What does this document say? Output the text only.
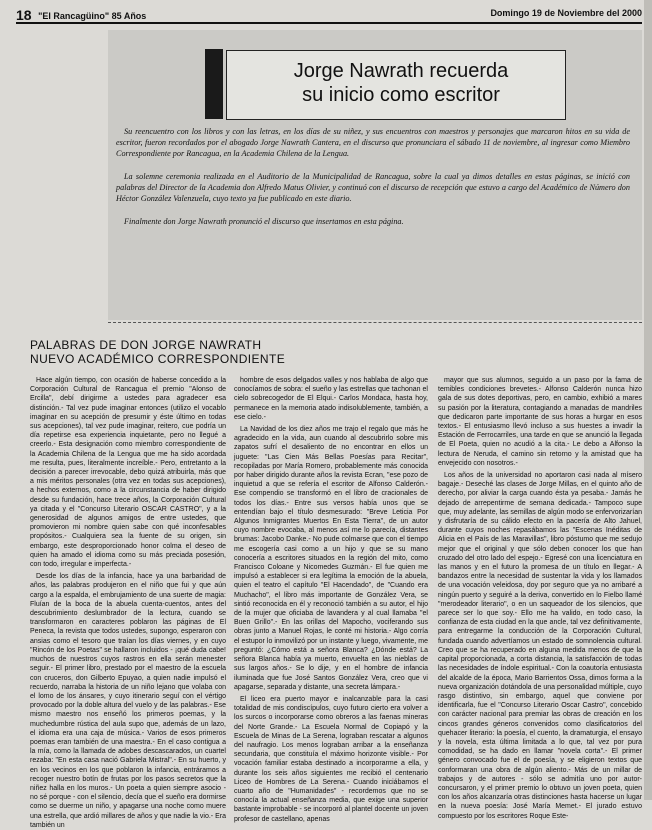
18 "El Rancagüino" 85 Años	Domingo 19 de Noviembre del 2000
Jorge Nawrath recuerda
su inicio como escritor

Su reencuentro con los libros y con las letras, en los días de su niñez, y sus encuentros con maestros y personajes que marcaron hitos en su vida de escritor, fueron recordados por el abogado Jorge Nawrath Cantera, en el discurso que pronunciara el sábado 11 de noviembre, al ingresar como Miembro Correspondiente por Rancagua, en la Academia Chilena de la Lengua.

La solemne ceremonia realizada en el Auditorio de la Municipalidad de Rancagua, sobre la cual ya dimos detalles en estas páginas, se inició con palabras del Director de la Academia don Alfredo Matus Olivier, y continuó con el discurso de recepción que estuvo a cargo del Académico de Número don Héctor González Valenzuela, cuyo texto ya fue publicado en este diario.

Finalmente don Jorge Nawrath pronunció el discurso que insertamos en esta página.

PALABRAS DE DON JORGE NAWRATH
NUEVO ACADÉMICO CORRESPONDIENTE

Hace algún tiempo, con ocasión de haberse concedido a la Corporación Cultural de Rancagua el premio "Alonso de Ercilla", debí dirigirme a ustedes para agradecer esa distinción.- Tal vez pude imaginar entonces (utilizo el vocablo imaginar en su acepción de presumir y éste último en todas sus acepciones), tal vez pude imaginar, reitero, cue podría un día repetirse esa experiencia inquietante, pero no llegué a creerlo.- Esta designación como miembro correspondiente de la Academia Chilena de la Lengua que me ha sido acordada me resulta, pues, literalmente increíble.- Pero, entretanto a la decisión a parecer irrevocable, debo quizá atribuirla, más que a mis méritos personales (otra vez en todas sus acepciones), a hechos externos, como a la circunstancia de haber dirigido desde su fundación, hace trece años, la Corporación Cultural ya citada y el "Concurso Literario OSCAR CASTRO", y a la generosidad de algunos amigos de entre ustedes, que promovieron mi nombre quien sabe con qué inconfesables propósitos.- Cualquiera sea la fuente de su origen, sin embargo, este desproporcionado honor colma el deseo de quien ha amado el idioma como su más preciada posesión, con todo, irregular e imperfecta.-

Desde los días de la infancia, hace ya una barbaridad de años, las palabras produjeron en el niño que fui y que aún cargo a la espalda, el embrujamiento de una suerte de magia: Fluían de la boca de la abuela cuenta-cuentos, antes del descubrimiento deslumbrador de la lectura, cuando se transformaron en caracteres poblaron las páginas de El Peneca, la revista que todos ustedes, supongo, esperaron con ansias como el tesoro que traían los días viernes, y en cuyo "Rincón de los Poetas" se hallaron incluidos - ¡qué duda cabe! muchos de nuestros cuyos rastros en ella serán menester seguir.- El primer libro, prestado por el maestro de la escuela con cruceros, don Gilberto Epuyao, a quien nadie impulsó el recuerdo, narraba la historia de un niño lejano que volaba con el lomo de los ánsares, y cuyo itinerario seguí con el vértigo provocado por la doble altura del vuelo y de las palabras.- Ese mismo maestro nos enseñó los primeros poemas, y la muchedumbre rústica del aula supo que, además de un lazo, el idioma era una caja de música.- Varios de esos primeros poemas eran también de una maestra.- En el caso contigua a la mía, como la llamada de adobes descascarados, un cuartel rezaba: "En esta casa nació Gabriela Mistral".- En su huerto, y en los vecinos en los que poblaron la infancia, entráramos a recoger nuestro botín de frutas por los pasos secretos que la niñez halla en los muros.- Un poeta a quien siempre asocio - no sé porque - con el silencio, decía que el sueño era dormirse como se duerme un niño, y apagarse una noche como muere una estrella, que ardió millares de años y que nadie la vio.- Era también un

hombre de esos delgados valles y nos hablaba de algo que conocíamos de sobra: el sueño y las estrellas que tachonan el cielo sobrecogedor de El Elqui.- Carlos Mondaca, hasta hoy, permanece en la memoria atado indisolublemente, también, a ese cielo.-

La Navidad de los diez años me trajo el regalo que más he agradecido en la vida, aun cuando al descubrirlo sobre mis zapatos sufrí el desaliento de no encontrar en ellos un juguete: "Las Cien Más Bellas Poesías para Recitar", recopiladas por María Romero, probablemente más conocida por haber dirigido durante años la revista Ecran, "ese pozo de inquietud a que se refería el escritor de Alfonso Calderón.- Ese compendio se transformó en el libro de cracionales de todos los días.- Entre sus versos había unos que se entendían bajo el título desmesurado: "Breve Leticia Por Algunos Inmigrantes Muertos En Esta Tierra", de un autor cuyo nombre evocaba, al menos así me lo parecía, distantes brumas: Jacobo Danke.- No pude colmarse que con el tiempo me escogería casi como a un hijo y que se su mano conocería a escritores situados en la región del mito, como Francisco Coloane y Nicomedes Guzmán.- El fue quien me impulsó a establecer si era legítima la emoción de la abuela, quien el teatro el capítulo "El Hacendado", de "Cuando era Muchacho", el libro más importante de González Vera, se sintió reconocida en él y reconoció también a su autor, el hijo de la mujer que oficiaba de lavandera y al cual llamaba "el Buen Grillo".- En las orillas del Mapocho, vociferando sus obras junto a Manuel Rojas, le conté mi historia.- Algo corría el estupor lo inmovilizó por un instante y luego, vivamente, me preguntó: ¿Cómo está a señora Blanca? ¿Dónde está? La señora Blanca había ya muerto, envuelta en las nieblas de sus largos años.- Se lo dije, y en el hombre de infancia iluminada que fue José Santos González Vera, creo que vi apagarse, separada y distante, una secreta lámpara.-

El liceo era puerto mayor e inalcanzable para la casi totalidad de mis condiscípulos, cuyo futuro cierto era volver a los surcos o incorporarse como obreros a las faenas mineras del Norte Grande.- La Escuela Normal de Copiapó y la Escuela de Minas de La Serena, lograban rescatar a algunos del naufragio. Los menos lograban arribar a la enseñanza secundaria, que constituía el máximo horizonte visible.- Por vocación familiar estaba destinado a incorporarme a ella, y durante los seis años siguientes me recibió el centenario Liceo de Hombres de La Serena.- Cuando iniciábamos el cuarto año de "Humanidades" - recordemos que no se conocía la actual enseñanza media, que exige una superior bastante improbable - se incorporó al plantel docente un joven profesor de castellano, apenas

mayor que sus alumnos, seguido a un paso por la fama de temibles condiciones brevetes.- Alfonso Calderón nunca hizo gala de sus dotes deportivas, pero, en cambio, exhibió a mares su pasión por la literatura, contagiando a manadas de mandriles que dedicaron parte importante de sus horas a hurgar en esos textos.- El entusiasmo llevó incluso a sus huestes a invadir la Estación de Ferrocarriles, una tarde en que se anunció la llegada de El Poeta, quien no acudió a la cita.- Le debo a Alfonso la lectura de Neruda, el camino sin retorno y la amistad que ha envejecido con nosotros.-

Los años de la universidad no aportaron casi nada al mísero bagaje.- Deseché las clases de Jorge Millas, en el quinto año de derecho, por aliviar la carga cuando ésta ya pesaba.- Jamás he dejado de arrepentirme de semana dedicada.- Tampoco supe que, muy adelante, las semillas de algún modo se enfervorizarían y disfrutaría de su cálido efecto en la pacería de Alto Jahuel, durante cuyos noches repasábamos las "Escenas Inéditas de Alicia en el País de las Maravillas", libro póstumo que me sedujo mejor que el original y que sólo deben conocer los que han cruzado del otro lado del espejo.- Egresé con una licenciatura en las manos y en el futuro la promesa de un título en llegar.- A bandazos entre la necesidad de sustentar la vida y los llamados de una vocación veleidosa, doy por seguro que ya no arribaré a ningún puerto y seguiré a la deriva, convertido en lo Fielbo llamé "merodeador literario", o en un saqueador de los silencios, que parece ser lo que soy.- Ello me ha valido, en todo caso, la confianza de esta ciudad en la que ancle, tal vez definitivamente, para entregarme la conducción de la Corporación Cultural, fundada cuando advertíamos un estado de somnolencia cultural. Creo que se ha recuperado en alguna medida menos de que la capital proporcionada, a corta distancia, la satisfacción de todas las necesidades de índole espiritual.- Con la coautoría entusiasta del alcalde de la época, Mario Barrientos Ossa, dimos forma a la nueva organización dotándola de una personalidad múltiple, cuyo rasgo distintivo, sin embargo, aquel que conviene por identificarla, fue el "Concurso Literario Oscar Castro", concebido con carácter nacional para premiar las obras de creación en los cincos grandes géneros convenidos como clasificatorios del quehacer literario: la poesía, el cuento, la dramaturgia, el ensayo y la novela, esta última limitada a lo que, tal vez por pura comodidad, se ha dado en llamar "novela corta".- El primer género convocado fue el de poesía, y se eligieron textos que conformaran una obra de algún aliento.- Más de un millar de trabajos y de autores - sólo se admitía uno por autor- concursaron, y el primer premio lo obtuvo un joven poeta, quien con los años alcanzaría otras distinciones hasta hacerse un lugar en la nueva poesía: José María Memet.- El jurado estuvo compuesto por los escritores Roque Este-
